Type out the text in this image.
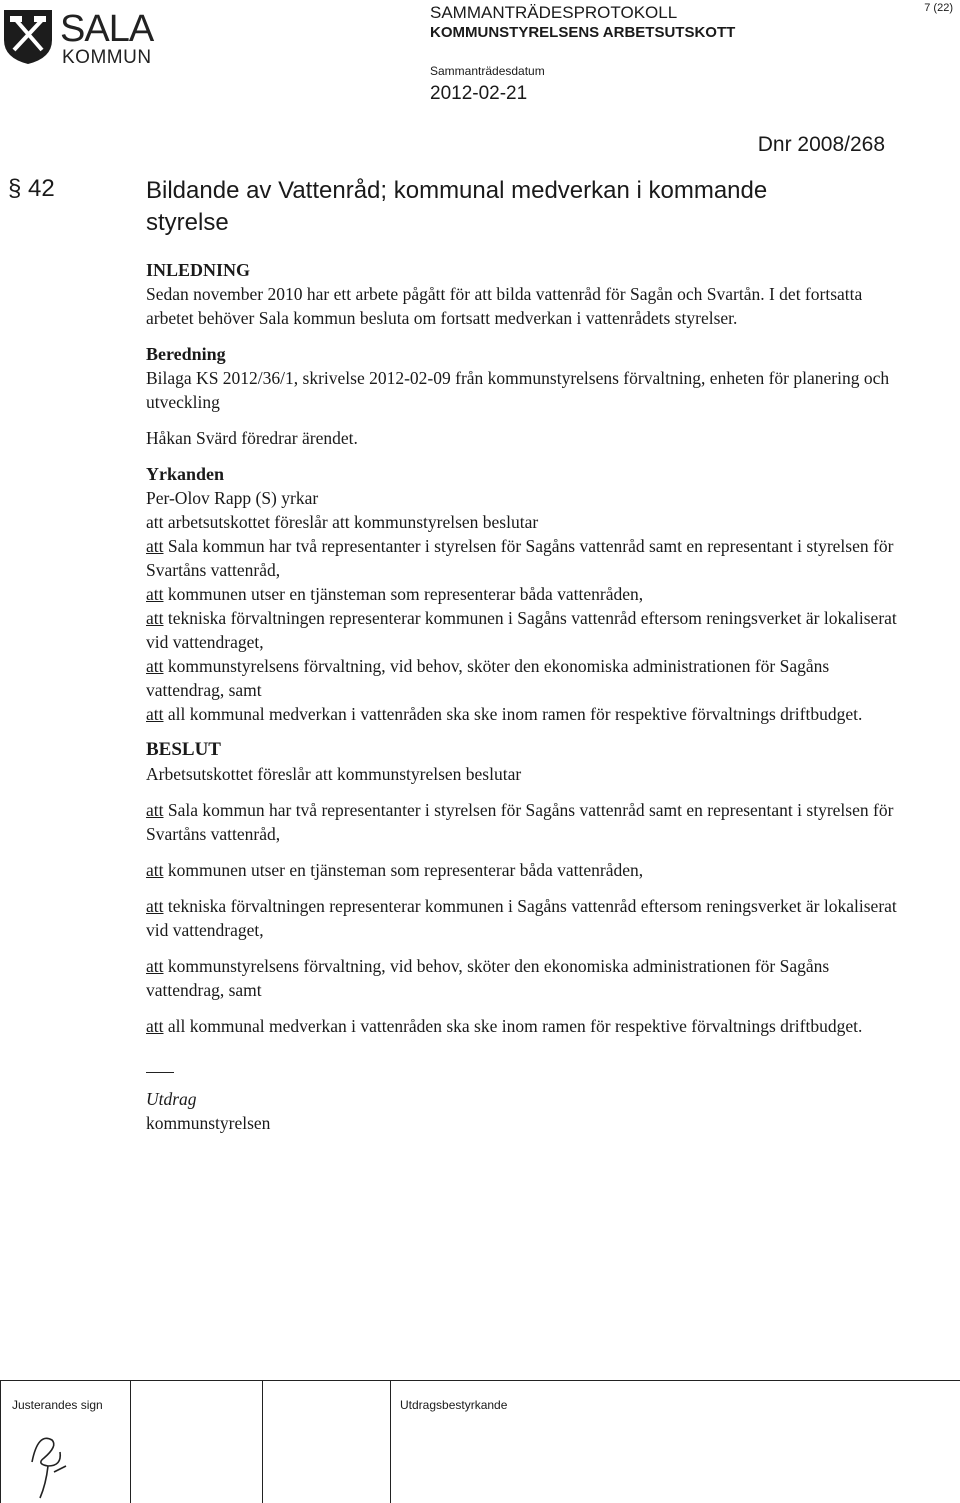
SALA
KOMMUN
SAMMANTRÄDESPROTOKOLL
KOMMUNSTYRELSENS ARBETSUTSKOTT
Sammanträdesdatum
2012-02-21
7 (22)
Dnr 2008/268
§ 42	Bildande av Vattenråd; kommunal medverkan i kommande styrelse

INLEDNING

Sedan november 2010 har ett arbete pågått för att bilda vattenråd för Sagån och Svartån. I det fortsatta arbetet behöver Sala kommun besluta om fortsatt medverkan i vattenrådets styrelser.

Beredning

Bilaga KS 2012/36/1, skrivelse 2012-02-09 från kommunstyrelsens förvaltning, enheten för planering och utveckling

Håkan Svärd föredrar ärendet.

Yrkanden

Per-Olov Rapp (S) yrkar

att arbetsutskottet föreslår att kommunstyrelsen beslutar

att Sala kommun har två representanter i styrelsen för Sagåns vattenråd samt en representant i styrelsen för Svartåns vattenråd,

att kommunen utser en tjänsteman som representerar båda vattenråden,

att tekniska förvaltningen representerar kommunen i Sagåns vattenråd eftersom reningsverket är lokaliserat vid vattendraget,

att kommunstyrelsens förvaltning, vid behov, sköter den ekonomiska administrationen för Sagåns vattendrag, samt

att all kommunal medverkan i vattenråden ska ske inom ramen för respektive förvaltnings driftbudget.

BESLUT

Arbetsutskottet föreslår att kommunstyrelsen beslutar

att Sala kommun har två representanter i styrelsen för Sagåns vattenråd samt en representant i styrelsen för Svartåns vattenråd,

att kommunen utser en tjänsteman som representerar båda vattenråden,

att tekniska förvaltningen representerar kommunen i Sagåns vattenråd eftersom reningsverket är lokaliserat vid vattendraget,

att kommunstyrelsens förvaltning, vid behov, sköter den ekonomiska administrationen för Sagåns vattendrag, samt

att all kommunal medverkan i vattenråden ska ske inom ramen för respektive förvaltnings driftbudget.

Utdrag

kommunstyrelsen

Justerandes sign	Utdragsbestyrkande
